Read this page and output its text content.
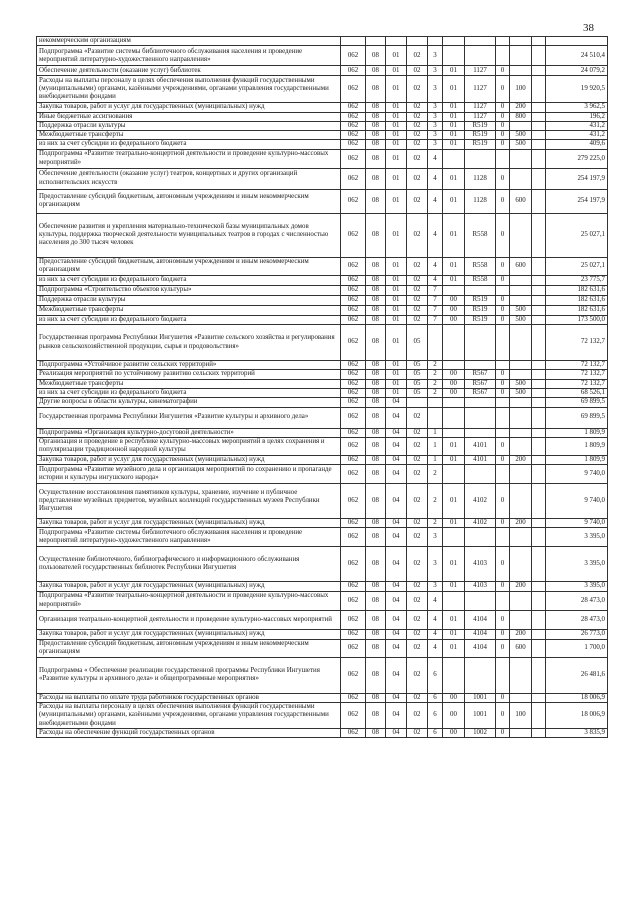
38
некоммерческим организациям											
Подпрограмма «Развитие системы библиотечного обслуживания населения и проведение мероприятий литературно-художественного направления»	062	08	01	02	3						24 510,4
Обеспечение деятельности (оказание услуг) библиотек	062	08	01	02	3	01	1127	0			24 079,2
Расходы на выплаты персоналу в целях обеспечения выполнения функций государственными (муниципальными) органами, казёнными учреждениями, органами управления государственными внебюджетными фондами	062	08	01	02	3	01	1127	0	100		19 920,5
Закупка товаров, работ и услуг для государственных (муниципальных) нужд	062	08	01	02	3	01	1127	0	200		3 962,5
Иные бюджетные ассигнования	062	08	01	02	3	01	1127	0	800		196,2
Поддержка отрасли культуры	062	08	01	02	3	01	R519	0			431,2
Межбюджетные трансферты	062	08	01	02	3	01	R519	0	500		431,2
из них за счет субсидии из федерального бюджета	062	08	01	02	3	01	R519	0	500		409,6
Подпрограмма «Развитие театрально-концертной деятельности и проведение культурно-массовых мероприятий»	062	08	01	02	4						279 225,0
Обеспечение деятельности (оказание услуг) театров, концертных и других организаций исполнительских искусств	062	08	01	02	4	01	1128	0			254 197,9
Предоставление субсидий бюджетным, автономным учреждениям и иным некоммерческим организациям	062	08	01	02	4	01	1128	0	600		254 197,9
Обеспечение развития и укрепления материально-технической базы муниципальных домов культуры, поддержка творческой деятельности муниципальных театров в городах с численностью населения до 300 тысяч человек	062	08	01	02	4	01	R558	0			25 027,1
Предоставление субсидий бюджетным, автономным учреждениям и иным некоммерческим организациям	062	08	01	02	4	01	R558	0	600		25 027,1
из них за счет субсидии из федерального бюджета	062	08	01	02	4	01	R558	0			23 775,7
Подпрограмма «Строительство объектов культуры»	062	08	01	02	7						182 631,6
Поддержка отрасли культуры	062	08	01	02	7	00	R519	0			182 631,6
Межбюджетные трансферты	062	08	01	02	7	00	R519	0	500		182 631,6
из них за счет субсидии из федерального бюджета	062	08	01	02	7	00	R519	0	500		173 500,0
Государственная программа Республики Ингушетия «Развитие сельского хозяйства и регулирования рынков сельскохозяйственной продукции, сырья и продовольствия»	062	08	01	05							72 132,7
Подпрограмма «Устойчивое развитие сельских территорий»	062	08	01	05	2						72 132,7
Реализация мероприятий по устойчивому развитию сельских территорий	062	08	01	05	2	00	R567	0			72 132,7
Межбюджетные трансферты	062	08	01	05	2	00	R567	0	500		72 132,7
из них за счет субсидии из федерального бюджета	062	08	01	05	2	00	R567	0	500		68 526,1
Другие вопросы в области культуры, кинематографии	062	08	04								69 899,5
Государственная программа Республики Ингушетия «Развитие культуры и архивного дела»	062	08	04	02							69 899,5
Подпрограмма «Организация культурно-досуговой деятельности»	062	08	04	02	1						1 809,9
Организация и проведение в республике культурно-массовых мероприятий в целях сохранения и популяризации традиционной народной культуры	062	08	04	02	1	01	4101	0			1 809,9
Закупка товаров, работ и услуг для государственных (муниципальных) нужд	062	08	04	02	1	01	4101	0	200		1 809,9
Подпрограмма «Развитие музейного дела и организация мероприятий по сохранению и пропаганде истории и культуры ингушского народа»	062	08	04	02	2						9 740,0
Осуществление восстановления памятников культуры, хранение, изучение и публичное представление музейных предметов, музейных коллекций государственных музеев Республики Ингушетия	062	08	04	02	2	01	4102	0			9 740,0
Закупка товаров, работ и услуг для государственных (муниципальных) нужд	062	08	04	02	2	01	4102	0	200		9 740,0
Подпрограмма «Развитие системы библиотечного обслуживания населения и проведение мероприятий литературно-художественного направления»	062	08	04	02	3						3 395,0
Осуществление библиотечного, библиографического и информационного обслуживания пользователей государственных библиотек Республики Ингушетия	062	08	04	02	3	01	4103	0			3 395,0
Закупка товаров, работ и услуг для государственных (муниципальных) нужд	062	08	04	02	3	01	4103	0	200		3 395,0
Подпрограмма «Развитие театрально-концертной деятельности и проведение культурно-массовых мероприятий»	062	08	04	02	4						28 473,0
Организация театрально-концертной деятельности и проведение культурно-массовых мероприятий	062	08	04	02	4	01	4104	0			28 473,0
Закупка товаров, работ и услуг для государственных (муниципальных) нужд	062	08	04	02	4	01	4104	0	200		26 773,0
Предоставление субсидий бюджетным, автономным учреждениям и иным некоммерческим организациям	062	08	04	02	4	01	4104	0	600		1 700,0
Подпрограмма « Обеспечение реализации государственной программы Республики Ингушетия «Развитие культуры и архивного дела» и общепрограммные мероприятия»	062	08	04	02	6						26 481,6
Расходы на выплаты по оплате труда работников государственных органов	062	08	04	02	6	00	1001	0			18 006,9
Расходы на выплаты персоналу в целях обеспечения выполнения функций государственными (муниципальными) органами, казёнными учреждениями, органами управления государственными внебюджетными фондами	062	08	04	02	6	00	1001	0	100		18 006,9
Расходы на обеспечение функций государственных органов	062	08	04	02	6	00	1002	0			3 835,9
